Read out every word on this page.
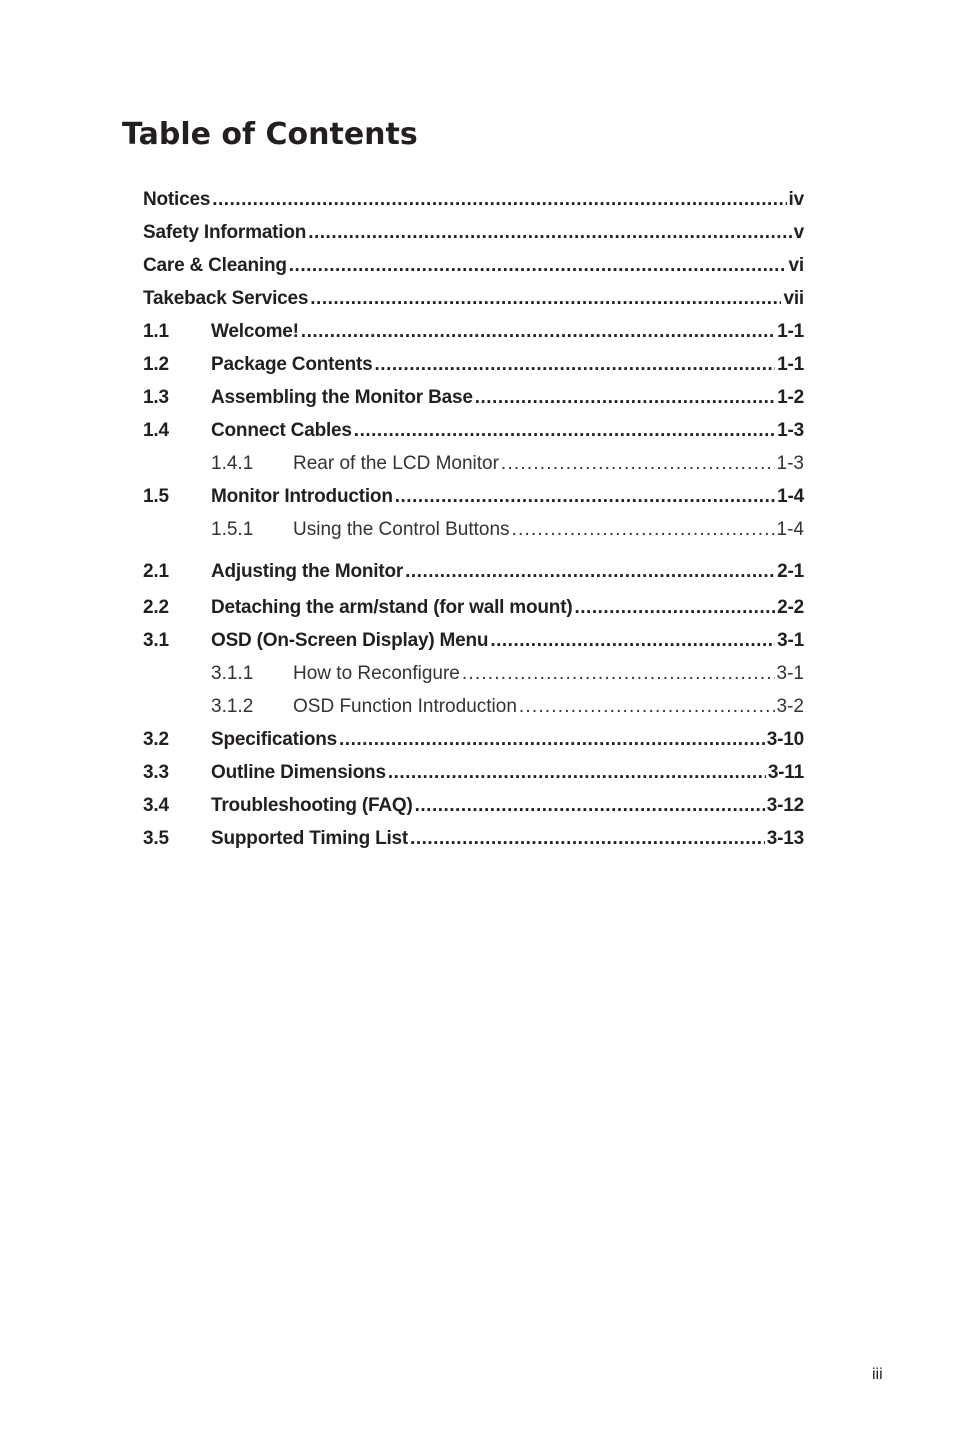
Table of Contents
Notices .....	iv
Safety Information .....	v
Care & Cleaning .....	vi
Takeback Services .....	vii
1.1	Welcome! .....	1-1
1.2	Package Contents .....	1-1
1.3	Assembling the Monitor Base .....	1-2
1.4	Connect Cables .....	1-3
1.4.1	Rear of the LCD Monitor .....	1-3
1.5	Monitor Introduction .....	1-4
1.5.1	Using the Control Buttons .....	1-4
2.1	Adjusting the Monitor .....	2-1
2.2	Detaching the arm/stand (for wall mount) .....	2-2
3.1	OSD (On-Screen Display) Menu .....	3-1
3.1.1	How to Reconfigure .....	3-1
3.1.2	OSD Function Introduction .....	3-2
3.2	Specifications .....	3-10
3.3	Outline Dimensions .....	3-11
3.4	Troubleshooting (FAQ) .....	3-12
3.5	Supported Timing List .....	3-13
iii
